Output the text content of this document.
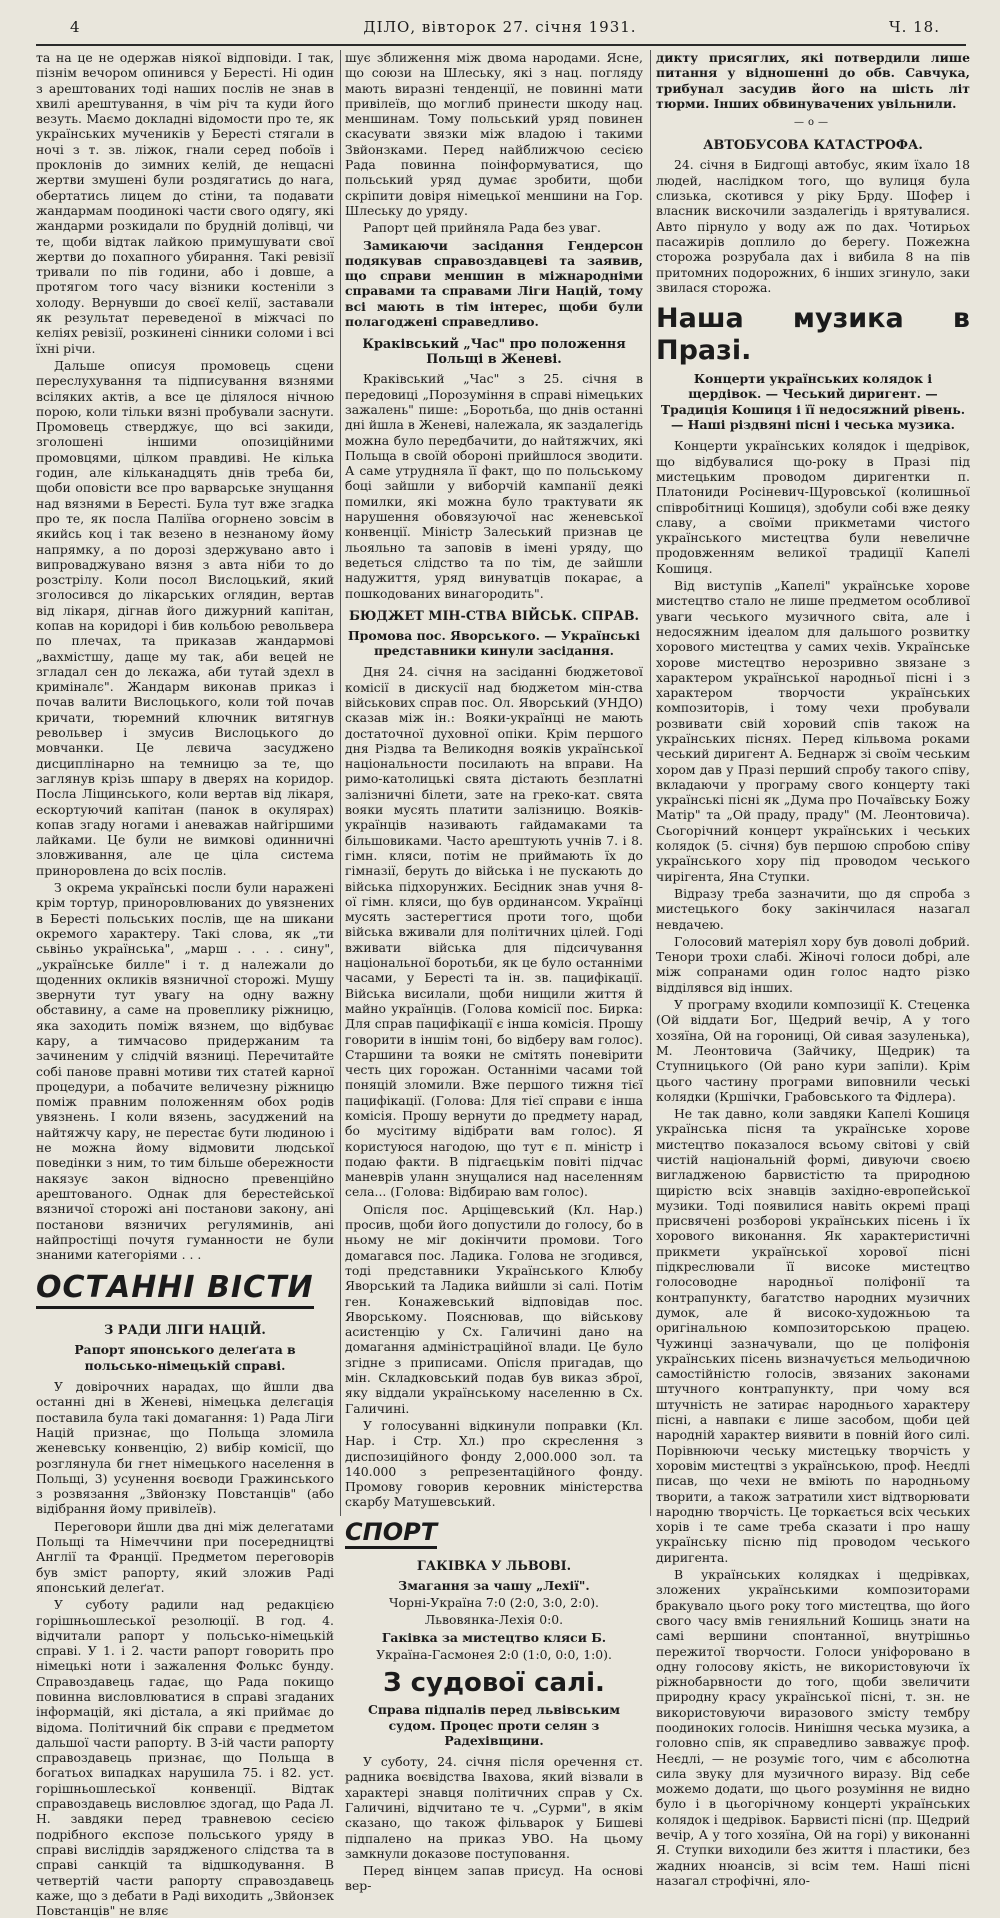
4	ДІЛО, вівторок 27. січня 1931.	Ч. 18.

та на це не одержав ніякої відповіди. І так, пізнім вечором опинився у Бересті. Ні один з арештованих тоді наших послів не знав в хвилі арештування, в чім річ та куди його везуть. Маємо докладні відомости про те, як українських мучеників у Бересті стягали в ночі з т. зв. ліжок, гнали серед побоїв і проклонів до зимних келій, де нещасні жертви змушені були роздягатись до нага, обертатись лицем до стіни, та подавати жандармам поодинокі части свого одягу, які жандарми розкидали по брудній долівці, чи те, щоби відтак лайкою примушувати свої жертви до похапного убирання. Такі ревізії тривали по пів години, або і довше, а протягом того часу візники костеніли з холоду. Вернувши до своєї келії, заставали як результат переведеної в міжчасі по келіях ревізії, розкинені сінники соломи і всі їхні річи.

Дальше описуя промовець сцени переслухування та підписування вязнями всіляких актів, а все це ділялося нічною порою, коли тільки вязні пробували заснути. Промовець стверджує, що всі закиди, зголошені іншими опозиційними промовцями, цілком правдиві. Не кілька годин, але кільканадцять днів треба би, щоби оповісти все про варварське знущання над вязнями в Бересті. Була тут вже згадка про те, як посла Паліїва огорнено зовсім в якийсь коц і так везено в незнаному йому напрямку, а по дорозі здержувано авто і випроваджувано вязня з авта ніби то до розстрілу. Коли посол Вислоцький, який зголосився до лікарських оглядин, вертав від лікаря, дігнав його дижурний капітан, копав на коридорі і бив кольбою револьвера по плечах, та приказав жандармові „вахмістшу, даще му так, аби вецей не згладал сен до лєкажа, аби тутай здехл в криміналє". Жандарм виконав приказ і почав валити Вислоцького, коли той почав кричати, тюремний ключник витягнув револьвер і змусив Вислоцького до мовчанки. Це лєвича засуджено дисциплінарно на темницю за те, що заглянув крізь шпару в дверях на коридор. Посла Ліщинського, коли вертав від лікаря, ескортуючий капітан (панок в окулярах) копав згаду ногами і аневажав найгіршими лайками. Це були не вимкові одинничні зловживання, але це ціла система приноровлена до всіх послів.

З окрема українські посли були наражені крім тортур, приноровлюваних до увязнених в Бересті польських послів, ще на шикани окремого характеру. Такі слова, як „ти сьвіньо українська", „марш . . . . сину", „українське билле" і т. д належали до щоденних окликів вязничної сторожі. Мушу звернути тут увагу на одну важну обставину, а саме на провеплику ріжницю, яка заходить поміж вязнем, що відбуває кару, а тимчасово придержаним та зачиненим у слідчій вязниці. Перечитайте собі панове правні мотиви тих статей карної процедури, а побачите величезну ріжницю поміж правним положенням обох родів увязнень. І коли вязень, засуджений на найтяжчу кару, не перестає бути людиною і не можна йому відмовити людської поведінки з ним, то тим більше обережности накязує закон відносно превенційно арештованого. Однак для берестейської вязничої сторожі ані постанови закону, ані постанови вязничих регуляминів, ані найпростіщі почутя гуманности не були знаними категоріями . . .

ОСТАННІ ВІСТИ
З РАДИ ЛІГИ НАЦІЙ.
Рапорт японського делеґата в польсько-німецькій справі.

У довірочних нарадах, що йшли два останні дні в Женеві, німецька делєгація поставила була такі домагання: 1) Рада Ліги Націй признає, що Польща зломила женевську конвенцію, 2) вибір комісії, що розглянула би гнет німецького населення в Польщі, 3) усунення воєводи Гражинського з розвязання „Звйонзку Повстанців" (або відібрання йому привілеїв).

Переговори йшли два дні між делегатами Польщі та Німеччини при посередництві Англії та Франції. Предметом переговорів був зміст рапорту, який зложив Раді японський делеґат.

У суботу радили над редакцією горішньошлеської резолюції. В год. 4. відчитали рапорт у польсько-німецькій справі. У 1. і 2. части рапорт говорить про німецькі ноти і зажалення Фолькс бунду. Справоздавець гадає, що Рада покищо повинна висловлюватися в справі згаданих інформацій, які дістала, а які приймає до відома. Політичний бік справи є предметом дальшої части рапорту. В 3-ій части рапорту справоздавець признає, що Польща в богатьох випадках нарушила 75. і 82. уст. горішньошлеської конвенції. Відтак справоздавець висловлює здогад, що Рада Л. Н. завдяки перед травневою сесією подрібного експозе польського уряду в справі висліддів зарядженого слідства та в справі санкцій та відшкодування. В четвертій части рапорту справоздавець каже, що з дебати в Раді виходить „Звйонзек Повстанців" не вляє

шує зближення між двома народами. Ясне, що союзи на Шлеську, які з нац. погляду мають виразні тенденції, не повинні мати привілеїв, що моглиб принести шкоду нац. меншинам. Тому польський уряд повинен скасувати звязки між владою і такими Звйонзками. Перед найближчою сесією Рада повинна поінформуватися, що польський уряд думає зробити, щоби скріпити довіря німецької меншини на Гор. Шлеську до уряду.

Рапорт цей прийняла Рада без уваг.

Замикаючи засідання Гендерсон подякував справоздавцеві та заявив, що справи меншин в міжнародніми справами та справами Ліги Націй, тому всі мають в тім інтерес, щоби були полагоджені справедливо.

Краківський „Час" про положення Польщі в Женеві.

Краківський „Час" з 25. січня в передовиці „Порозуміння в справі німецьких зажалень" пише: „Боротьба, що днів останні дні йшла в Женеві, належала, як заздалегідь можна було передбачити, до найтяжчих, які Польща в своїй обороні прийшлося зводити. А саме утрудняла її факт, що по польському боці зайшли у виборчій кампанії деякі помилки, які можна було трактувати як нарушення обовязуючої нас женевської конвенції. Міністр Залеський признав це льояльно та заповів в імені уряду, що ведеться слідство та по тім, де зайшли надужиття, уряд винуватців покарає, а пошкодованих винагородить".

БЮДЖЕТ МІН-СТВА ВІЙСЬК. СПРАВ.
Промова пос. Яворського. — Українські представники кинули засідання.

Дня 24. січня на засіданні бюджетової комісії в дискусії над бюджетом мін-ства військових справ пос. Ол. Яворський (УНДО) сказав між ін.: Вояки-українці не мають достаточної духовної опіки. Крім першого дня Різдва та Великодня вояків української національности посилають на вправи. На римо-католицькі свята дістають безплатні залізничні білети, зате на греко-кат. свята вояки мусять платити залізницю. Вояків-українців називають гайдамаками та більшовиками. Часто арештують учнів 7. і 8. гімн. кляси, потім не приймають їх до гімназії, беруть до війська і не пускають до війська підхорунжих. Бесідник знав учня 8-ої гімн. кляси, що був ординансом. Українці мусять застерегтися проти того, щоби війська вживали для політичних цілей. Годі вживати війська для підсичування національної боротьби, як це було останніми часами, у Бересті та ін. зв. пацифікації. Війська висилали, щоби нищили життя й майно українців. (Голова комісії пос. Бирка: Для справ пацифікації є інша комісія. Прошу говорити в іншім тоні, бо відберу вам голос). Старшини та вояки не смітять поневірити честь цих горожан. Останніми часами той поняцій зломили. Вже першого тижня тієї пацифікації. (Голова: Для тієї справи є інша комісія. Прошу вернути до предмету нарад, бо мусітиму відібрати вам голос). Я користуюся нагодою, що тут є п. міністр і подаю факти. В підгаєцькім повіті підчас маневрів уланн знущалися над населенням села... (Голова: Відбираю вам голос).

Опісля пос. Арціщевський (Кл. Нар.) просив, щоби його допустили до голосу, бо в ньому не міг докінчити промови. Того домагався пос. Ладика. Голова не згодився, тоді представники Українського Клюбу Яворський та Ладика вийшли зі салі. Потім ген. Конажевський відповідав пос. Яворському. Пояснював, що військову асистенцію у Сх. Галичині дано на домагання адміністраційної влади. Це було згідне з приписами. Опісля пригадав, що мін. Складковський подав був виказ зброї, яку віддали українському населенню в Сх. Галичині.

У голосуванні відкинули поправки (Кл. Нар. і Стр. Хл.) про скреслення з диспозиційного фонду 2,000.000 зол. та 140.000 з репрезентаційного фонду. Промову говорив керовник міністерства скарбу Матушевський.

СПОРТ
ГАКІВКА У ЛЬВОВІ.

Змагання за чашу „Лехії".

Чорні-Україна 7:0 (2:0, 3:0, 2:0).

Львовянка-Лехія 0:0.

Гаківка за мистецтво кляси Б.

Україна-Гасмонея 2:0 (1:0, 0:0, 1:0).

З судової салі.
Справа підпалів перед львівським судом. Процес проти селян з Радехівщини.

У суботу, 24. січня після оречення ст. радника воєвідства Івахова, який візвали в характері знавця політичних справ у Сх. Галичині, відчитано те ч. „Сурми", в якім сказано, що також фільварок у Бишеві підпалено на приказ УВО. На цьому замкнули доказове поступовання.

Перед вінцем запав присуд. На основі вер-

дикту присяглих, які потвердили лише питання у відношенні до обв. Савчука, трибунал засудив його на шість літ тюрми. Інших обвинувачених увільнили.

—o—
АВТОБУСОВА КАТАСТРОФА.

24. січня в Бидгощі автобус, яким їхало 18 людей, наслідком того, що вулиця була слизька, скотився у ріку Брду. Шофер і власник вискочили заздалегідь і врятувалися. Авто пірнуло у воду аж по дах. Чотирьох пасажирів доплило до берегу. Пожежна сторожа розрубала дах і вибила 8 на пів притомних подорожних, 6 інших згинуло, заки звилася сторожа.

Наша музика в Празі.
Концерти українських колядок і щердівок. — Чеський диригент. — Традиція Кошиця і її недосяжний рівень. — Наші різдвяні пісні і чеська музика.

Концерти українських колядок і щедрівок, що відбувалися що-року в Празі під мистецьким проводом диригентки п. Платониди Росіневич-Щуровської (колишньої співробітниці Кошиця), здобули собі вже деяку славу, а своїми прикметами чистого українського мистецтва були невеличне продовженням великої традиції Капелі Кошиця.

Від виступів „Капелі" українське хорове мистецтво стало не лише предметом особливої уваги чеського музичного світа, але і недосяжним ідеалом для дальшого розвитку хорового мистецтва у самих чехів. Українське хорове мистецтво нерозривно звязане з характером української народньої пісні і з характером творчости українських композиторів, і тому чехи пробували розвивати свій хоровий спів також на українських піснях. Перед кільвома роками чеський диригент А. Беднарж зі своїм чеським хором дав у Празі перший спробу такого співу, вкладаючи у програму свого концерту такі українські пісні як „Дума про Почаївську Божу Матір" та „Ой праду, праду" (М. Леонтовича). Сьогорічний концерт українських і чеських колядок (5. січня) був першою спробою співу українського хору під проводом чеського чирігента, Яна Ступки.

Відразу треба зазначити, що дя спроба з мистецького боку закінчилася назагал невдачею.

Голосовий матеріял хору був доволі добрий. Тенори трохи слабі. Жіночі голоси добрі, але між сопранами один голос надто різко відділявся від інших.

У програму входили композиції К. Стеценка (Ой віддати Бог, Щедрий вечір, А у того хозяїна, Ой на горониці, Ой сивая зазуленька), М. Леонтовича (Зайчику, Щедрик) та Ступницького (Ой рано кури запіли). Крім цього частину програми виповнили чеські колядки (Кршічки, Грабовського та Фідлера).

Не так давно, коли завдяки Капелі Кошиця українська пісня та українське хорове мистецтво показалося всьому світові у свій чистій національній формі, дивуючи своєю вигладженою барвистістю та природною щирістю всіх знавців західно-европейської музики. Тоді появилися навіть окремі праці присвячені розборові українських пісень і їх хорового виконання. Як характеристичні прикмети української хорової пісні підкреслювали її високе мистецтво голосоводне народньої поліфонії та контрапункту, багатство народних музичних думок, але й високо-художньою та оригінальною композиторською працею. Чужинці зазначували, що це поліфонія українських пісень визначується мельодичною самостійністю голосів, звязаних законами штучного контрапункту, при чому вся штучність не затирає народнього характеру пісні, а навпаки є лише засобом, щоби цей народній характер виявити в повній його силі. Порівнюючи чеську мистецьку творчість у хоровім мистецтві з українською, проф. Неєдлі писав, що чехи не вміють по народньому творити, а також затратили хист відтворювати народню творчість. Це торкається всіх чеських хорів і те саме треба сказати і про нашу українську пісню під проводом чеського диригента.

В українських колядках і щедрівках, зложених українськими композиторами бракувало цього року того мистецтва, що його свого часу вмів генияльний Кошиць знати на самі вершини спонтанної, внутрішньо пережитої творчости. Голоси уніфоровано в одну голосову якість, не використовуючи їх ріжнобарвности до того, щоби звеличити природну красу української пісні, т. зн. не використовуючи виразового змісту тембру поодиноких голосів. Нинішня чеська музика, а головно спів, як справедливо завважує проф. Неєдлі, — не розуміє того, чим є абсолютна сила звуку для музичного виразу. Від себе можемо додати, що цього розуміння не видно було і в цьогорічному концерті українських колядок і щедрівок. Барвисті пісні (пр. Щедрий вечір, А у того хозяїна, Ой на горі) у виконанні Я. Ступки виходили без життя і пластики, без жадних нюансів, зі всім тем. Наші пісні назагал строфічні, яло-
